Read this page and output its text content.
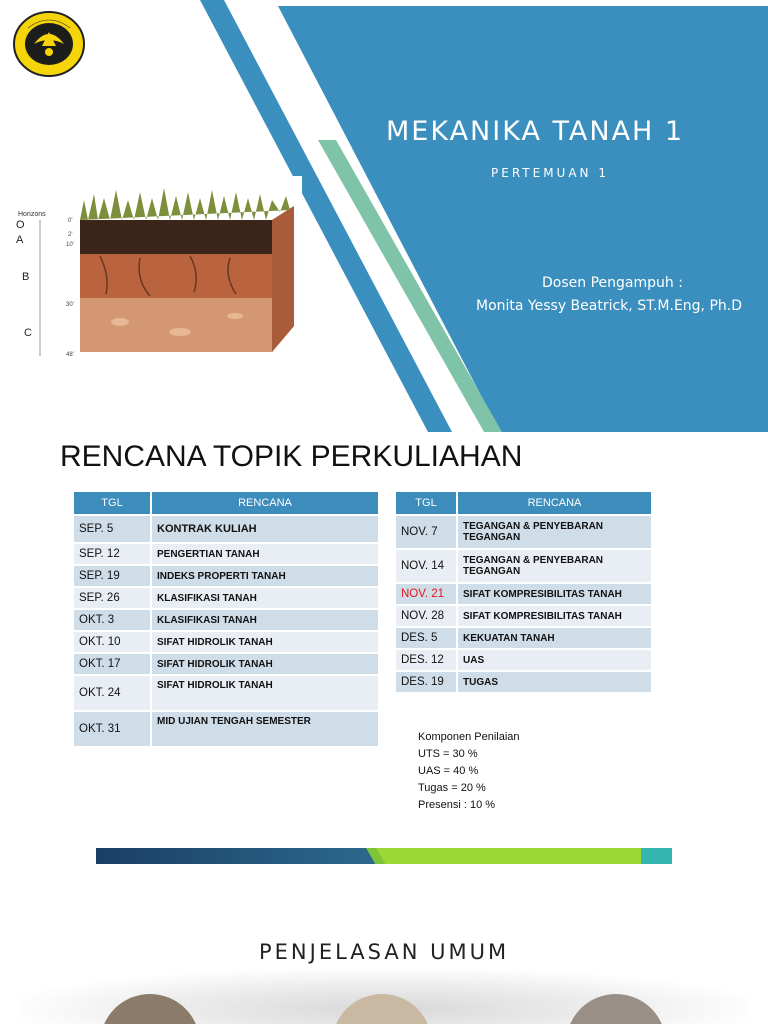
MEKANIKA TANAH 1
PERTEMUAN 1
Dosen Pengampuh :
Monita Yessy Beatrick, ST.M.Eng, Ph.D
Horizons
O
A
B
C
0'
2'
10'
30'
48'
RENCANA TOPIK PERKULIAHAN
TGL	RENCANA
SEP. 5	KONTRAK KULIAH
SEP. 12	PENGERTIAN TANAH
SEP. 19	INDEKS PROPERTI TANAH
SEP. 26	KLASIFIKASI TANAH
OKT. 3	KLASIFIKASI TANAH
OKT. 10	SIFAT HIDROLIK TANAH
OKT. 17	SIFAT HIDROLIK TANAH
OKT. 24	SIFAT HIDROLIK TANAH
OKT. 31	MID UJIAN TENGAH SEMESTER
TGL	RENCANA
NOV. 7	TEGANGAN & PENYEBARAN TEGANGAN
NOV. 14	TEGANGAN & PENYEBARAN TEGANGAN
NOV. 21	SIFAT KOMPRESIBILITAS TANAH
NOV. 28	SIFAT KOMPRESIBILITAS TANAH
DES. 5	KEKUATAN TANAH
DES. 12	UAS
DES. 19	TUGAS
Komponen Penilaian
UTS = 30 %
UAS = 40 %
Tugas = 20 %
Presensi : 10 %
PENJELASAN UMUM
